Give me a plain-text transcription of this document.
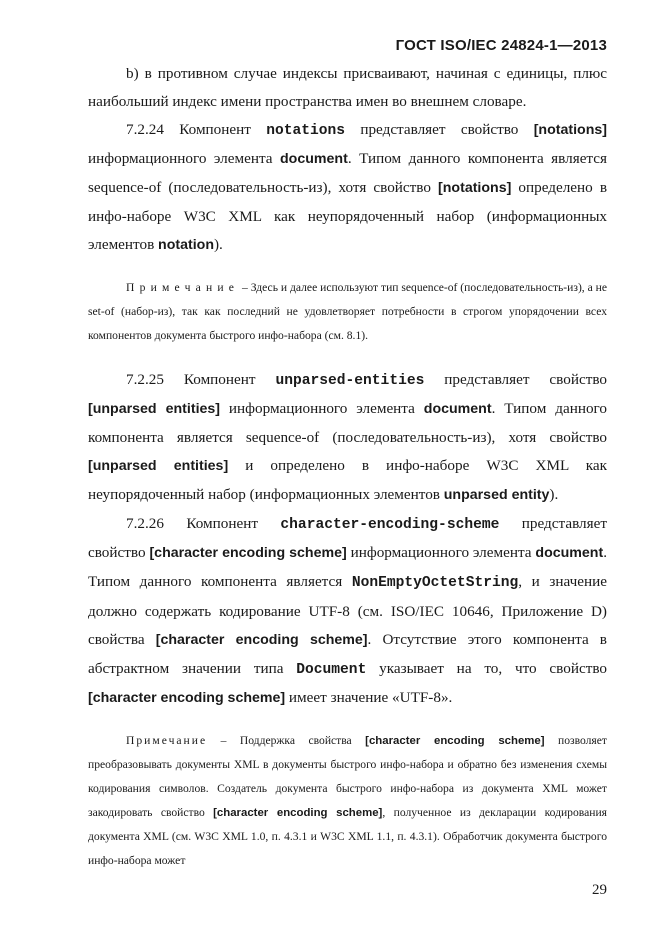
ГОСТ ISO/IEC 24824-1—2013

b) в противном случае индексы присваивают, начиная с единицы, плюс наибольший индекс имени пространства имен во внешнем словаре.

7.2.24 Компонент notations представляет свойство [notations] информационного элемента document. Типом данного компонента является sequence-of (последовательность-из), хотя свойство [notations] определено в инфо-наборе W3C XML как неупорядоченный набор (информационных элементов notation).

Примечание – Здесь и далее используют тип sequence-of (последовательность-из), а не set-of (набор-из), так как последний не удовлетворяет потребности в строгом упорядочении всех компонентов документа быстрого инфо-набора (см. 8.1).

7.2.25 Компонент unparsed-entities представляет свойство [unparsed entities] информационного элемента document. Типом данного компонента является sequence-of (последовательность-из), хотя свойство [unparsed entities] и определено в инфо-наборе W3C XML как неупорядоченный набор (информационных элементов unparsed entity).

7.2.26 Компонент character-encoding-scheme представляет свойство [character encoding scheme] информационного элемента document. Типом данного компонента является NonEmptyOctetString, и значение должно содержать кодирование UTF-8 (см. ISO/IEC 10646, Приложение D) свойства [character encoding scheme]. Отсутствие этого компонента в абстрактном значении типа Document указывает на то, что свойство [character encoding scheme] имеет значение «UTF-8».

Примечание – Поддержка свойства [character encoding scheme] позволяет преобразовывать документы XML в документы быстрого инфо-набора и обратно без изменения схемы кодирования символов. Создатель документа быстрого инфо-набора из документа XML может закодировать свойство [character encoding scheme], полученное из декларации кодирования документа XML (см. W3C XML 1.0, п. 4.3.1 и W3C XML 1.1, п. 4.3.1). Обработчик документа быстрого инфо-набора может

29
